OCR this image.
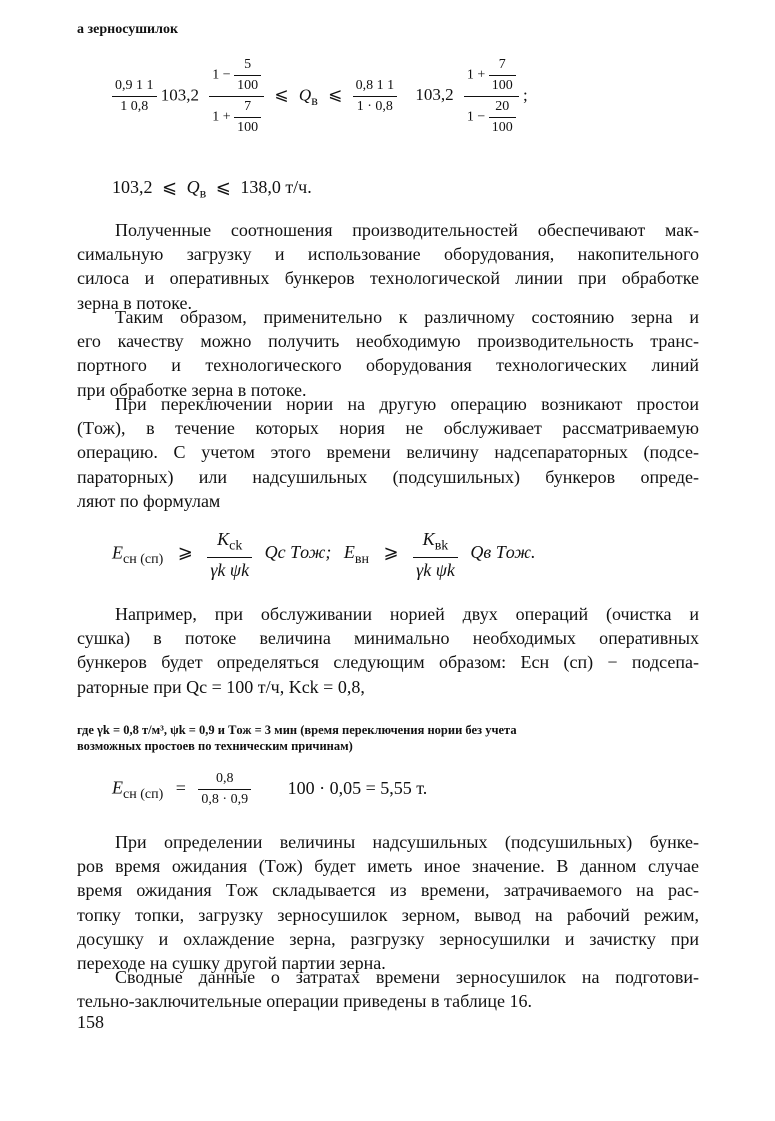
а зерносушилок
$\frac{0,9 1 1}{1 0,8} 103,2 \frac{1 - \frac{5}{100}}{1 + \frac{7}{100}}$ ⩽ $Q_в$ ⩽ $\frac{0,8 1 1}{1 \cdot 0,8} 103,2 \frac{1 + \frac{7}{100}}{1 - \frac{20}{100}}$ ;
103,2 ⩽ $Q_в$ ⩽ 138,0 т/ч.
Полученные соотношения производительностей обеспечивают мак-
симальную загрузку и использование оборудования, накопительного
силоса и оперативных бункеров технологической линии при обработке
зерна в потоке.
Таким образом, применительно к различному состоянию зерна и
его качеству можно получить необходимую производительность транс-
портного и технологического оборудования технологических линий
при обработке зерна в потоке.
При переключении нории на другую операцию возникают простои
(Tож), в течение которых нория не обслуживает рассматриваемую
операцию. С учетом этого времени величину надсепараторных (подсе-
параторных) или надсушильных (подсушильных) бункеров опреде-
ляют по формулам
$E_{сн (сп)}$ ⩾ $\frac{K_{ck}}{\text{γk ψk}}$ Qc Tож; $E_{вн}$ ⩾ $\frac{K_{вk}}{\text{γk ψk}}$ Qв Tож.
Например, при обслуживании норией двух операций (очистка и
сушка) в потоке величина минимально необходимых оперативных
бункеров будет определяться следующим образом: Eсн (сп) − подсепа-
раторные при Qc = 100 т/ч, Kck = 0,8,
где γk = 0,8 т/м³, ψk = 0,9 и Tож = 3 мин (время переключения нории без учета
возможных простоев по техническим причинам)
$E_{сн (сп)} = \frac{0,8}{0,8 \cdot 0,9} 100 \cdot 0,05 = 5,55$ т.
При определении величины надсушильных (подсушильных) бунке-
ров время ожидания (Tож) будет иметь иное значение. В данном случае
время ожидания Tож складывается из времени, затрачиваемого на рас-
топку топки, загрузку зерносушилок зерном, вывод на рабочий режим,
досушку и охлаждение зерна, разгрузку зерносушилки и зачистку при
переходе на сушку другой партии зерна.
Сводные данные о затратах времени зерносушилок на подготови-
тельно-заключительные операции приведены в таблице 16.
158
